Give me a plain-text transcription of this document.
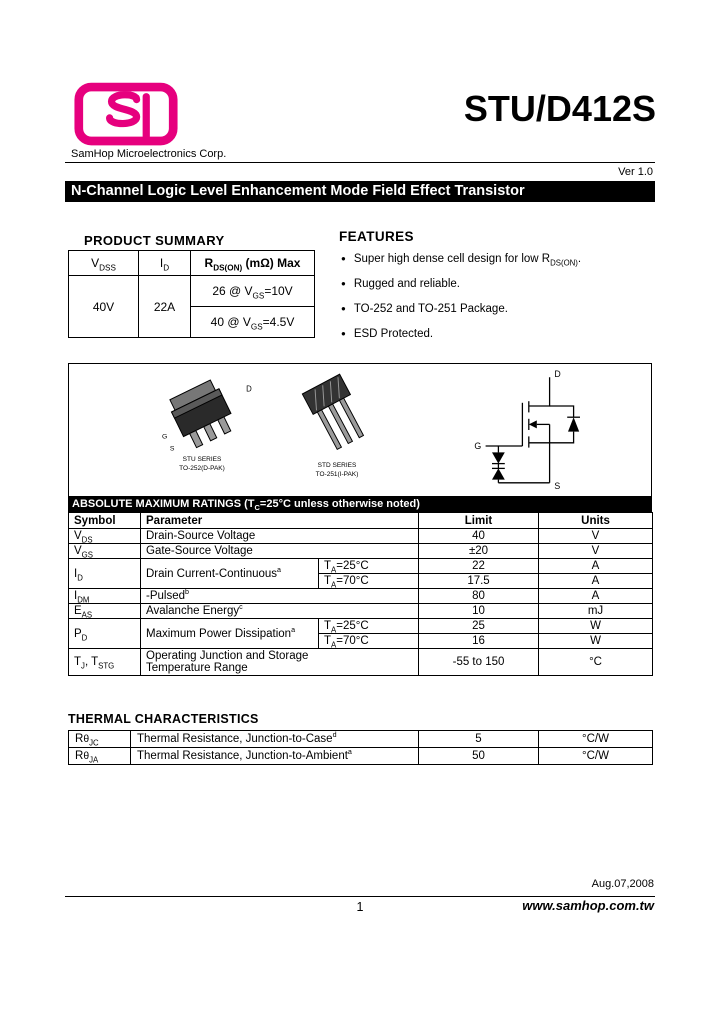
STU/D412S
SamHop Microelectronics Corp.
Ver 1.0
N-Channel Logic Level Enhancement Mode Field Effect Transistor
PRODUCT SUMMARY
$V_{DSS}$	$I_D$	$R_{DS(ON)}$ (mΩ) Max
40V	22A	26 @ $V_{GS}=10V$
		40 @ $V_{GS}=4.5V$
FEATURES
● Super high dense cell design for low $R_{DS(ON)}$.
● Rugged and reliable.
● TO-252 and TO-251 Package.
● ESD Protected.
D
G
S
STU SERIES
TO-252(D-PAK)	STD SERIES
TO-251(I-PAK)
D
G
S
ABSOLUTE MAXIMUM RATINGS ($T_C=25^\circ C$ unless otherwise noted)
Symbol	Parameter		Limit	Units
$V_{DS}$	Drain-Source Voltage		40	V
$V_{GS}$	Gate-Source Voltage		±20	V
$I_D$	Drain Current-Continuous$^a$	$T_A=25^\circ C$	22	A
		$T_A=70^\circ C$	17.5	A
$I_{DM}$	-Pulsed$^b$		80	A
$E_{AS}$	Avalanche Energy$^c$		10	mJ
$P_D$	Maximum Power Dissipation$^a$	$T_A=25^\circ C$	25	W
		$T_A=70^\circ C$	16	W
$T_J$, $T_{STG}$	Operating Junction and Storage
Temperature Range		-55 to 150	°C
THERMAL CHARACTERISTICS
$R\theta_{JC}$	Thermal Resistance, Junction-to-Case$^d$	5	°C/W
$R\theta_{JA}$	Thermal Resistance, Junction-to-Ambient$^a$	50	°C/W
Aug.07,2008
1	www.samhop.com.tw
